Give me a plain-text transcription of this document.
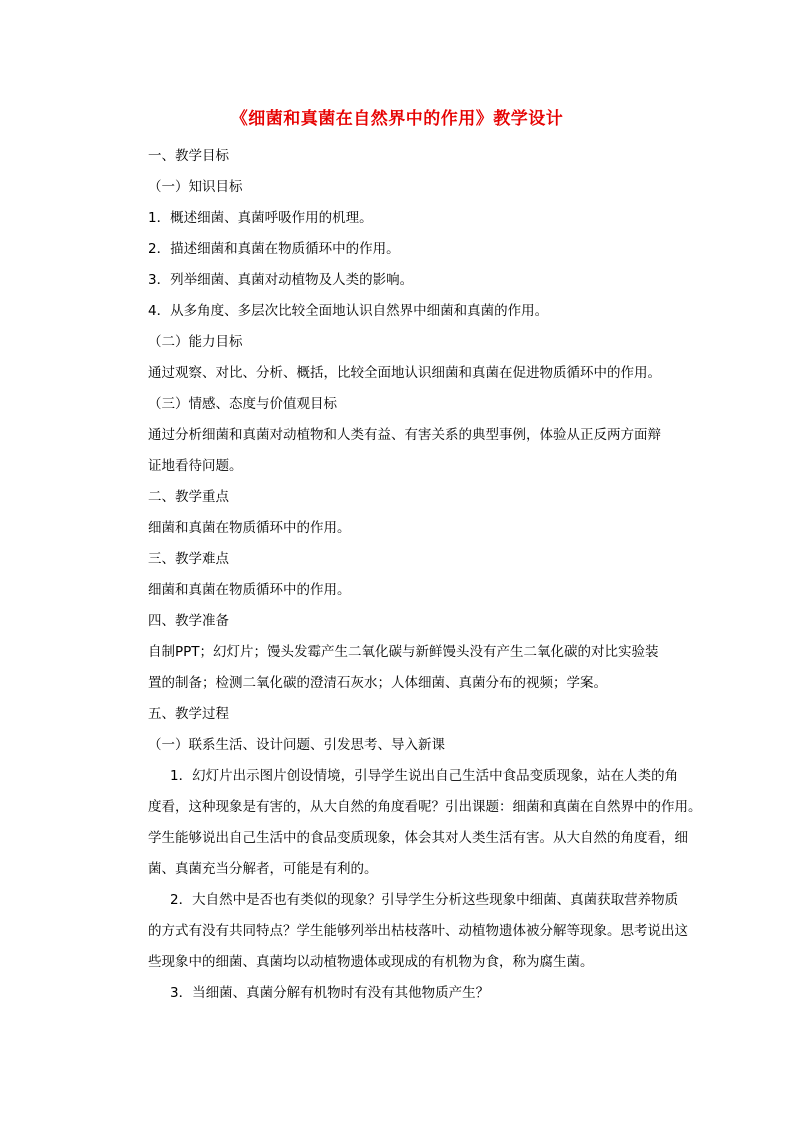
《细菌和真菌在自然界中的作用》教学设计
一、教学目标
（一）知识目标
1．概述细菌、真菌呼吸作用的机理。
2．描述细菌和真菌在物质循环中的作用。
3．列举细菌、真菌对动植物及人类的影响。
4．从多角度、多层次比较全面地认识自然界中细菌和真菌的作用。
（二）能力目标
通过观察、对比、分析、概括，比较全面地认识细菌和真菌在促进物质循环中的作用。
（三）情感、态度与价值观目标
通过分析细菌和真菌对动植物和人类有益、有害关系的典型事例，体验从正反两方面辩
证地看待问题。
二、教学重点
细菌和真菌在物质循环中的作用。
三、教学难点
细菌和真菌在物质循环中的作用。
四、教学准备
自制PPT；幻灯片；馒头发霉产生二氧化碳与新鲜馒头没有产生二氧化碳的对比实验装
置的制备；检测二氧化碳的澄清石灰水；人体细菌、真菌分布的视频；学案。
五、教学过程
（一）联系生活、设计问题、引发思考、导入新课
1．幻灯片出示图片创设情境，引导学生说出自己生活中食品变质现象，站在人类的角
度看，这种现象是有害的，从大自然的角度看呢？引出课题：细菌和真菌在自然界中的作用。
学生能够说出自己生活中的食品变质现象，体会其对人类生活有害。从大自然的角度看，细
菌、真菌充当分解者，可能是有利的。
2．大自然中是否也有类似的现象？引导学生分析这些现象中细菌、真菌获取营养物质
的方式有没有共同特点？学生能够列举出枯枝落叶、动植物遗体被分解等现象。思考说出这
些现象中的细菌、真菌均以动植物遗体或现成的有机物为食，称为腐生菌。
3．当细菌、真菌分解有机物时有没有其他物质产生？
